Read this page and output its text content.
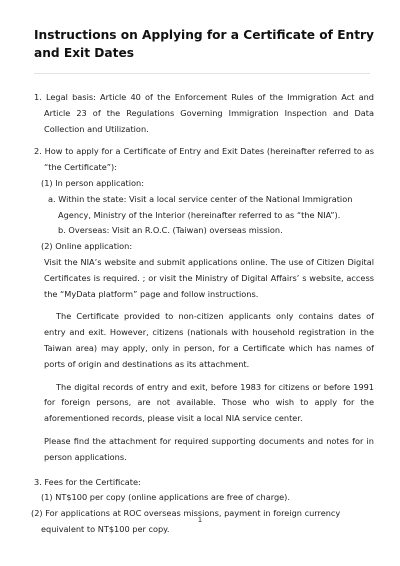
Instructions on Applying for a Certificate of Entry and Exit Dates

1. Legal basis: Article 40 of the Enforcement Rules of the Immigration Act and Article 23 of the Regulations Governing Immigration Inspection and Data Collection and Utilization.

2. How to apply for a Certificate of Entry and Exit Dates (hereinafter referred to as “the Certificate”):

(1) In person application:

a. Within the state: Visit a local service center of the National Immigration Agency, Ministry of the Interior (hereinafter referred to as “the NIA”).

b. Overseas: Visit an R.O.C. (Taiwan) overseas mission.

(2) Online application:

Visit the NIA’s website and submit applications online. The use of Citizen Digital Certificates is required. ; or visit the Ministry of Digital Affairs’ s website, access the “MyData platform” page and follow instructions.

The Certificate provided to non-citizen applicants only contains dates of entry and exit. However, citizens (nationals with household registration in the Taiwan area) may apply, only in person, for a Certificate which has names of ports of origin and destinations as its attachment.

The digital records of entry and exit, before 1983 for citizens or before 1991 for foreign persons, are not available. Those who wish to apply for the aforementioned records, please visit a local NIA service center.

Please find the attachment for required supporting documents and notes for in person applications.

3. Fees for the Certificate:

(1) NT$100 per copy (online applications are free of charge).

(2) For applications at ROC overseas missions, payment in foreign currency equivalent to NT$100 per copy.

1
